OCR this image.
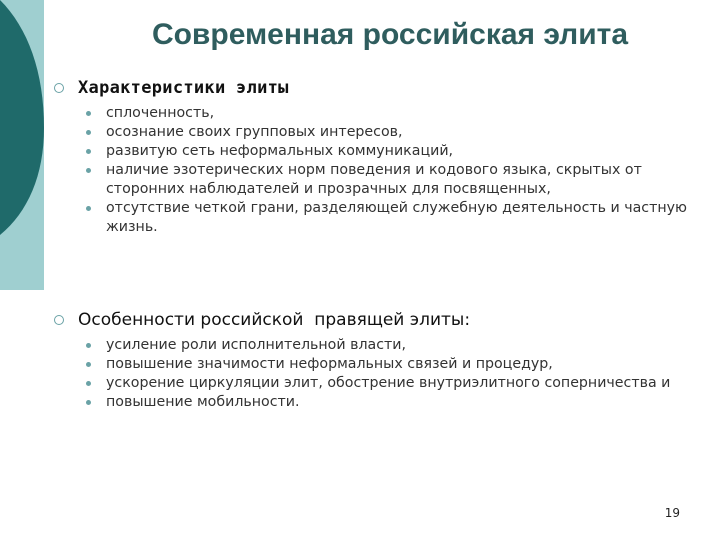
Современная российская элита
Характеристики элиты
сплоченность,
осознание своих групповых интересов,
развитую сеть неформальных коммуникаций,
наличие эзотерических норм поведения и кодового языка, скрытых от сторонних наблюдателей и прозрачных для посвященных,
отсутствие четкой грани, разделяющей служебную деятельность и частную жизнь.
Особенности российской  правящей элиты:
усиление роли исполнительной власти,
повышение значимости неформальных связей и процедур,
ускорение циркуляции элит, обострение внутриэлитного соперничества и
повышение мобильности.
19
